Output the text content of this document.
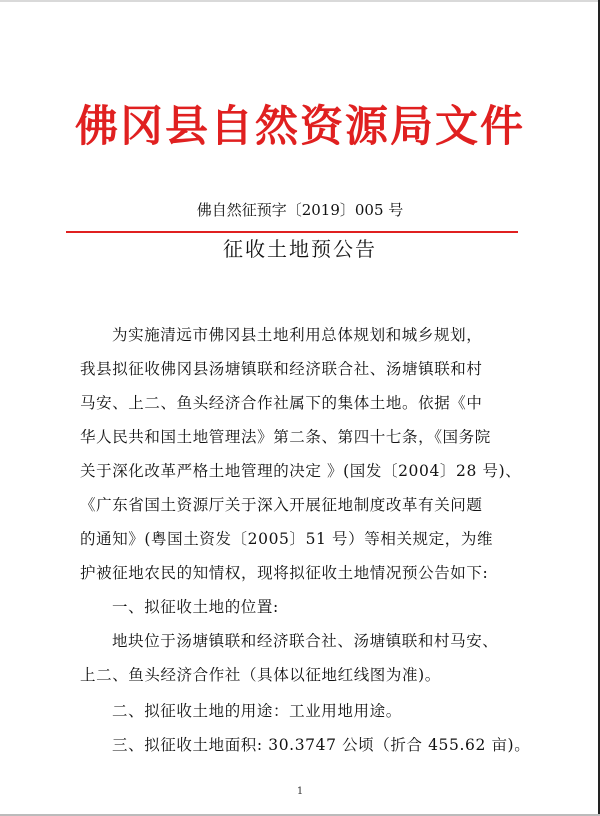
佛冈县自然资源局文件
佛自然征预字〔2019〕005 号
征收土地预公告
为实施清远市佛冈县土地利用总体规划和城乡规划，
我县拟征收佛冈县汤塘镇联和经济联合社、汤塘镇联和村
马安、上二、鱼头经济合作社属下的集体土地。依据《中
华人民共和国土地管理法》第二条、第四十七条，《国务院
关于深化改革严格土地管理的决定 》(国发〔2004〕28 号)、
《广东省国土资源厅关于深入开展征地制度改革有关问题
的通知》(粤国土资发〔2005〕51 号）等相关规定，为维
护被征地农民的知情权，现将拟征收土地情况预公告如下:
一、拟征收土地的位置:
地块位于汤塘镇联和经济联合社、汤塘镇联和村马安、
上二、鱼头经济合作社（具体以征地红线图为准)。
二、拟征收土地的用途：工业用地用途。
三、拟征收土地面积: 30.3747 公顷（折合 455.62 亩)。
1
